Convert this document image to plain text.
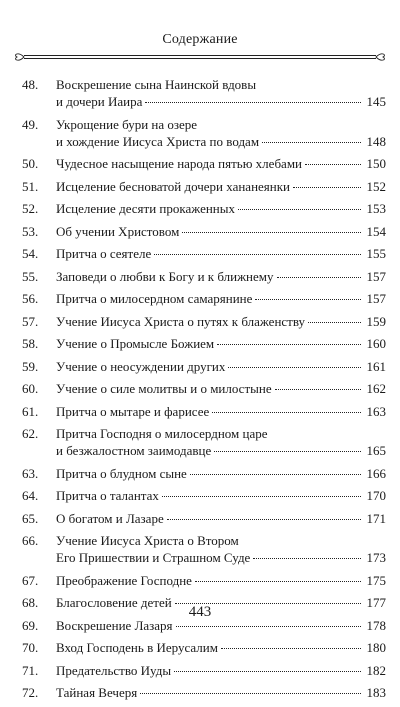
Содержание
48.	Воскрешение сына Наинской вдовы
и дочери Иаира	145
49.	Укрощение бури на озере
и хождение Иисуса Христа по водам	148
50.	Чудесное насыщение народа пятью хлебами	150
51.	Исцеление бесноватой дочери хананеянки	152
52.	Исцеление десяти прокаженных	153
53.	Об учении Христовом	154
54.	Притча о сеятеле	155
55.	Заповеди о любви к Богу и к ближнему	157
56.	Притча о милосердном самарянине	157
57.	Учение Иисуса Христа о путях к блаженству	159
58.	Учение о Промысле Божием	160
59.	Учение о неосуждении других	161
60.	Учение о силе молитвы и о милостыне	162
61.	Притча о мытаре и фарисее	163
62.	Притча Господня о милосердном царе
и безжалостном заимодавце	165
63.	Притча о блудном сыне	166
64.	Притча о талантах	170
65.	О богатом и Лазаре	171
66.	Учение Иисуса Христа о Втором
Его Пришествии и Страшном Суде	173
67.	Преображение Господне	175
68.	Благословение детей	177
69.	Воскрешение Лазаря	178
70.	Вход Господень в Иерусалим	180
71.	Предательство Иуды	182
72.	Тайная Вечеря	183
443
